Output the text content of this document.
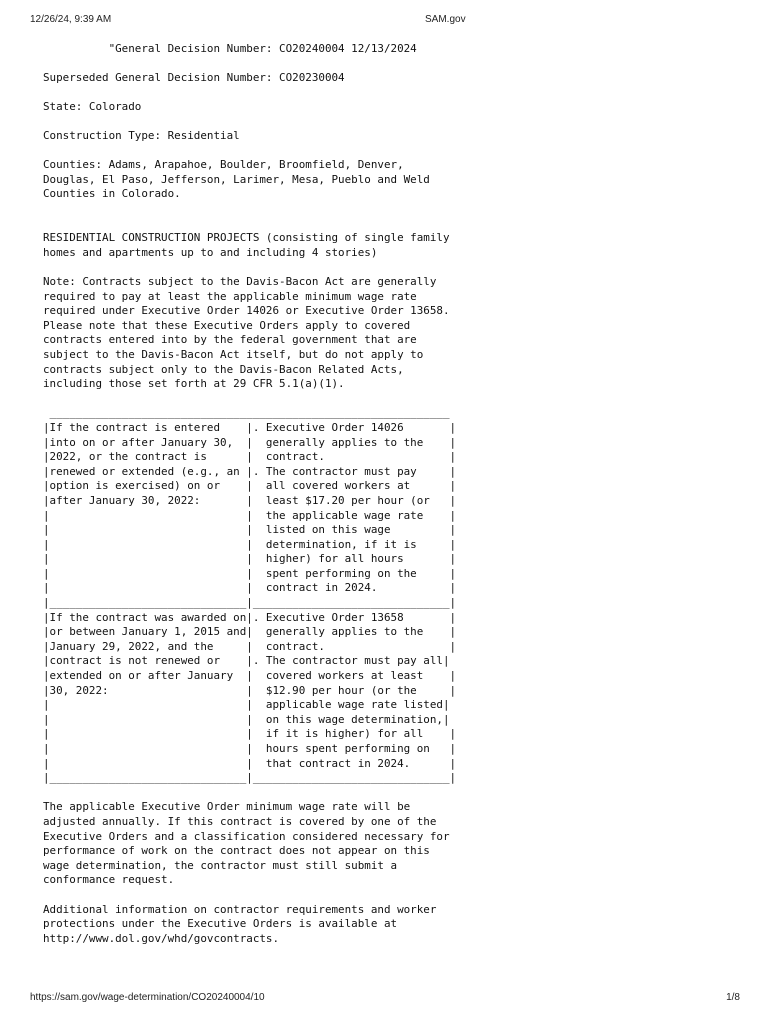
12/26/24, 9:39 AM	SAM.gov
"General Decision Number: CO20240004 12/13/2024

Superseded General Decision Number: CO20230004

State: Colorado

Construction Type: Residential

Counties: Adams, Arapahoe, Boulder, Broomfield, Denver,
Douglas, El Paso, Jefferson, Larimer, Mesa, Pueblo and Weld
Counties in Colorado.

RESIDENTIAL CONSTRUCTION PROJECTS (consisting of single family
homes and apartments up to and including 4 stories)

Note: Contracts subject to the Davis-Bacon Act are generally
required to pay at least the applicable minimum wage rate
required under Executive Order 14026 or Executive Order 13658.
Please note that these Executive Orders apply to covered
contracts entered into by the federal government that are
subject to the Davis-Bacon Act itself, but do not apply to
contracts subject only to the Davis-Bacon Related Acts,
including those set forth at 29 CFR 5.1(a)(1).

_____________________________________________________________
|If the contract is entered    |. Executive Order 14026       |
|into on or after January 30,  |  generally applies to the    |
|2022, or the contract is      |  contract.                   |
|renewed or extended (e.g., an |. The contractor must pay     |
|option is exercised) on or    |  all covered workers at      |
|after January 30, 2022:       |  least $17.20 per hour (or   |
|                              |  the applicable wage rate    |
|                              |  listed on this wage         |
|                              |  determination, if it is     |
|                              |  higher) for all hours       |
|                              |  spent performing on the     |
|                              |  contract in 2024.           |
|______________________________|______________________________|
|If the contract was awarded on|. Executive Order 13658       |
|or between January 1, 2015 and|  generally applies to the    |
|January 29, 2022, and the     |  contract.                   |
|contract is not renewed or    |. The contractor must pay all|
|extended on or after January  |  covered workers at least    |
|30, 2022:                     |  $12.90 per hour (or the     |
|                              |  applicable wage rate listed|
|                              |  on this wage determination,|
|                              |  if it is higher) for all    |
|                              |  hours spent performing on   |
|                              |  that contract in 2024.      |
|______________________________|______________________________|

The applicable Executive Order minimum wage rate will be
adjusted annually. If this contract is covered by one of the
Executive Orders and a classification considered necessary for
performance of work on the contract does not appear on this
wage determination, the contractor must still submit a
conformance request.

Additional information on contractor requirements and worker
protections under the Executive Orders is available at
http://www.dol.gov/whd/govcontracts.
https://sam.gov/wage-determination/CO20240004/10	1/8
